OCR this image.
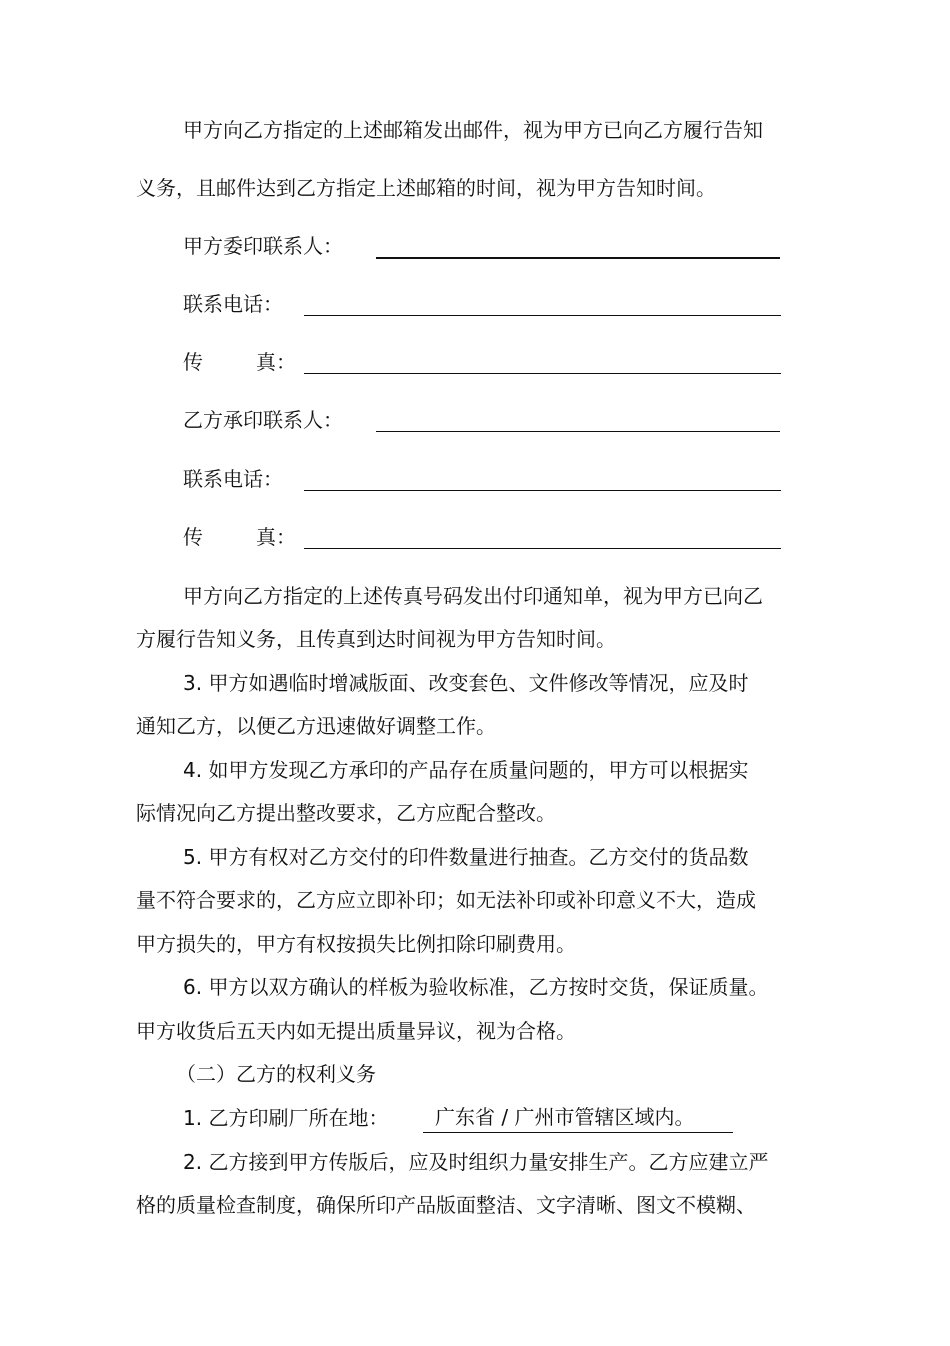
甲方向乙方指定的上述邮箱发出邮件，视为甲方已向乙方履行告知
义务，且邮件达到乙方指定上述邮箱的时间，视为甲方告知时间。
甲方委印联系人：
联系电话：
传	真：
乙方承印联系人：
联系电话：
传	真：
甲方向乙方指定的上述传真号码发出付印通知单，视为甲方已向乙
方履行告知义务，且传真到达时间视为甲方告知时间。
3. 甲方如遇临时增减版面、改变套色、文件修改等情况，应及时
通知乙方，以便乙方迅速做好调整工作。
4. 如甲方发现乙方承印的产品存在质量问题的，甲方可以根据实
际情况向乙方提出整改要求，乙方应配合整改。
5. 甲方有权对乙方交付的印件数量进行抽查。乙方交付的货品数
量不符合要求的，乙方应立即补印；如无法补印或补印意义不大，造成
甲方损失的，甲方有权按损失比例扣除印刷费用。
6. 甲方以双方确认的样板为验收标准，乙方按时交货，保证质量。
甲方收货后五天内如无提出质量异议，视为合格。
（二）乙方的权利义务
1. 乙方印刷厂所在地：	广东省 / 广州市管辖区域内。
2. 乙方接到甲方传版后，应及时组织力量安排生产。乙方应建立严
格的质量检查制度，确保所印产品版面整洁、文字清晰、图文不模糊、
